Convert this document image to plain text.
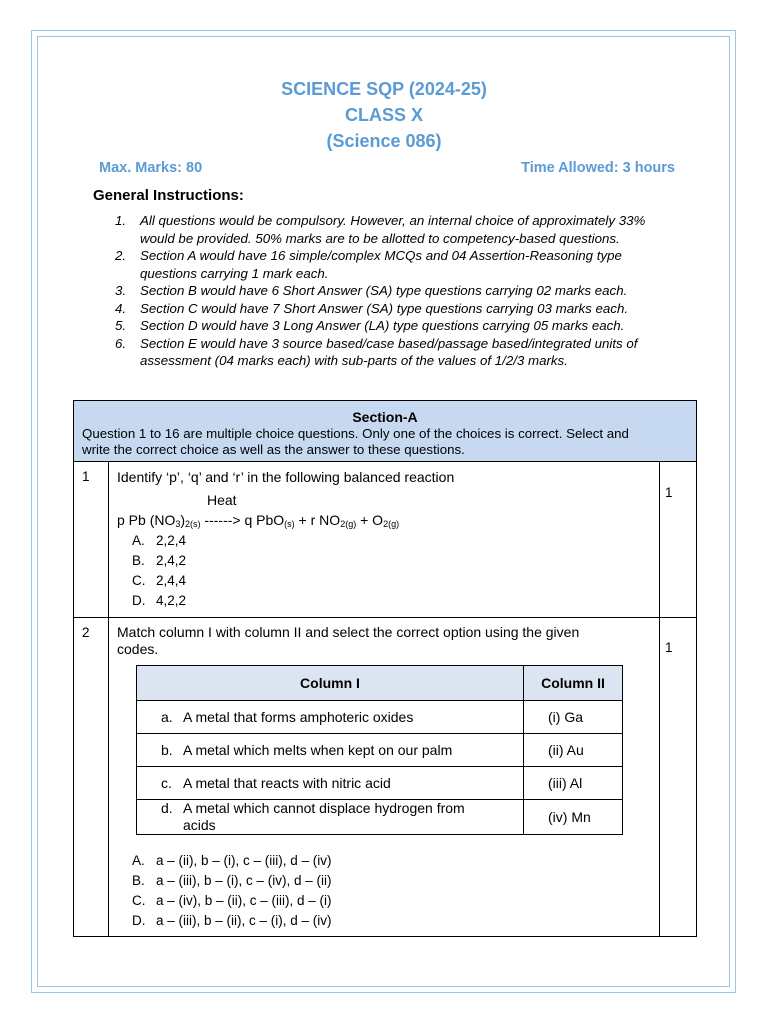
SCIENCE SQP (2024-25)
CLASS X
(Science 086)
Max. Marks: 80	Time Allowed: 3 hours
General Instructions:
1. All questions would be compulsory. However, an internal choice of approximately 33%
would be provided. 50% marks are to be allotted to competency-based questions.
2. Section A would have 16 simple/complex MCQs and 04 Assertion-Reasoning type
questions carrying 1 mark each.
3. Section B would have 6 Short Answer (SA) type questions carrying 02 marks each.
4. Section C would have 7 Short Answer (SA) type questions carrying 03 marks each.
5. Section D would have 3 Long Answer (LA) type questions carrying 05 marks each.
6. Section E would have 3 source based/case based/passage based/integrated units of
assessment (04 marks each) with sub-parts of the values of 1/2/3 marks.
Section-A
Question 1 to 16 are multiple choice questions. Only one of the choices is correct. Select and
write the correct choice as well as the answer to these questions.
1 Identify ‘p’, ‘q’ and ‘r’ in the following balanced reaction
Heat
p Pb $(NO_3)_{2(s)}$ ------> q PbO$_{(s)}$ + r $NO_{2(g)} + O_{2(g)}$
1
A. 2,2,4
B. 2,4,2
C. 2,4,4
D. 4,2,2
2 Match column I with column II and select the correct option using the given
codes.	1
Column I	Column II
a. A metal that forms amphoteric oxides	(i) Ga
b. A metal which melts when kept on our palm	(ii) Au
c. A metal that reacts with nitric acid	(iii) Al
d. A metal which cannot displace hydrogen from
acids	(iv) Mn
A. a – (ii), b – (i), c – (iii), d – (iv)
B. a – (iii), b – (i), c – (iv), d – (ii)
C. a – (iv), b – (ii), c – (iii), d – (i)
D. a – (iii), b – (ii), c – (i), d – (iv)
